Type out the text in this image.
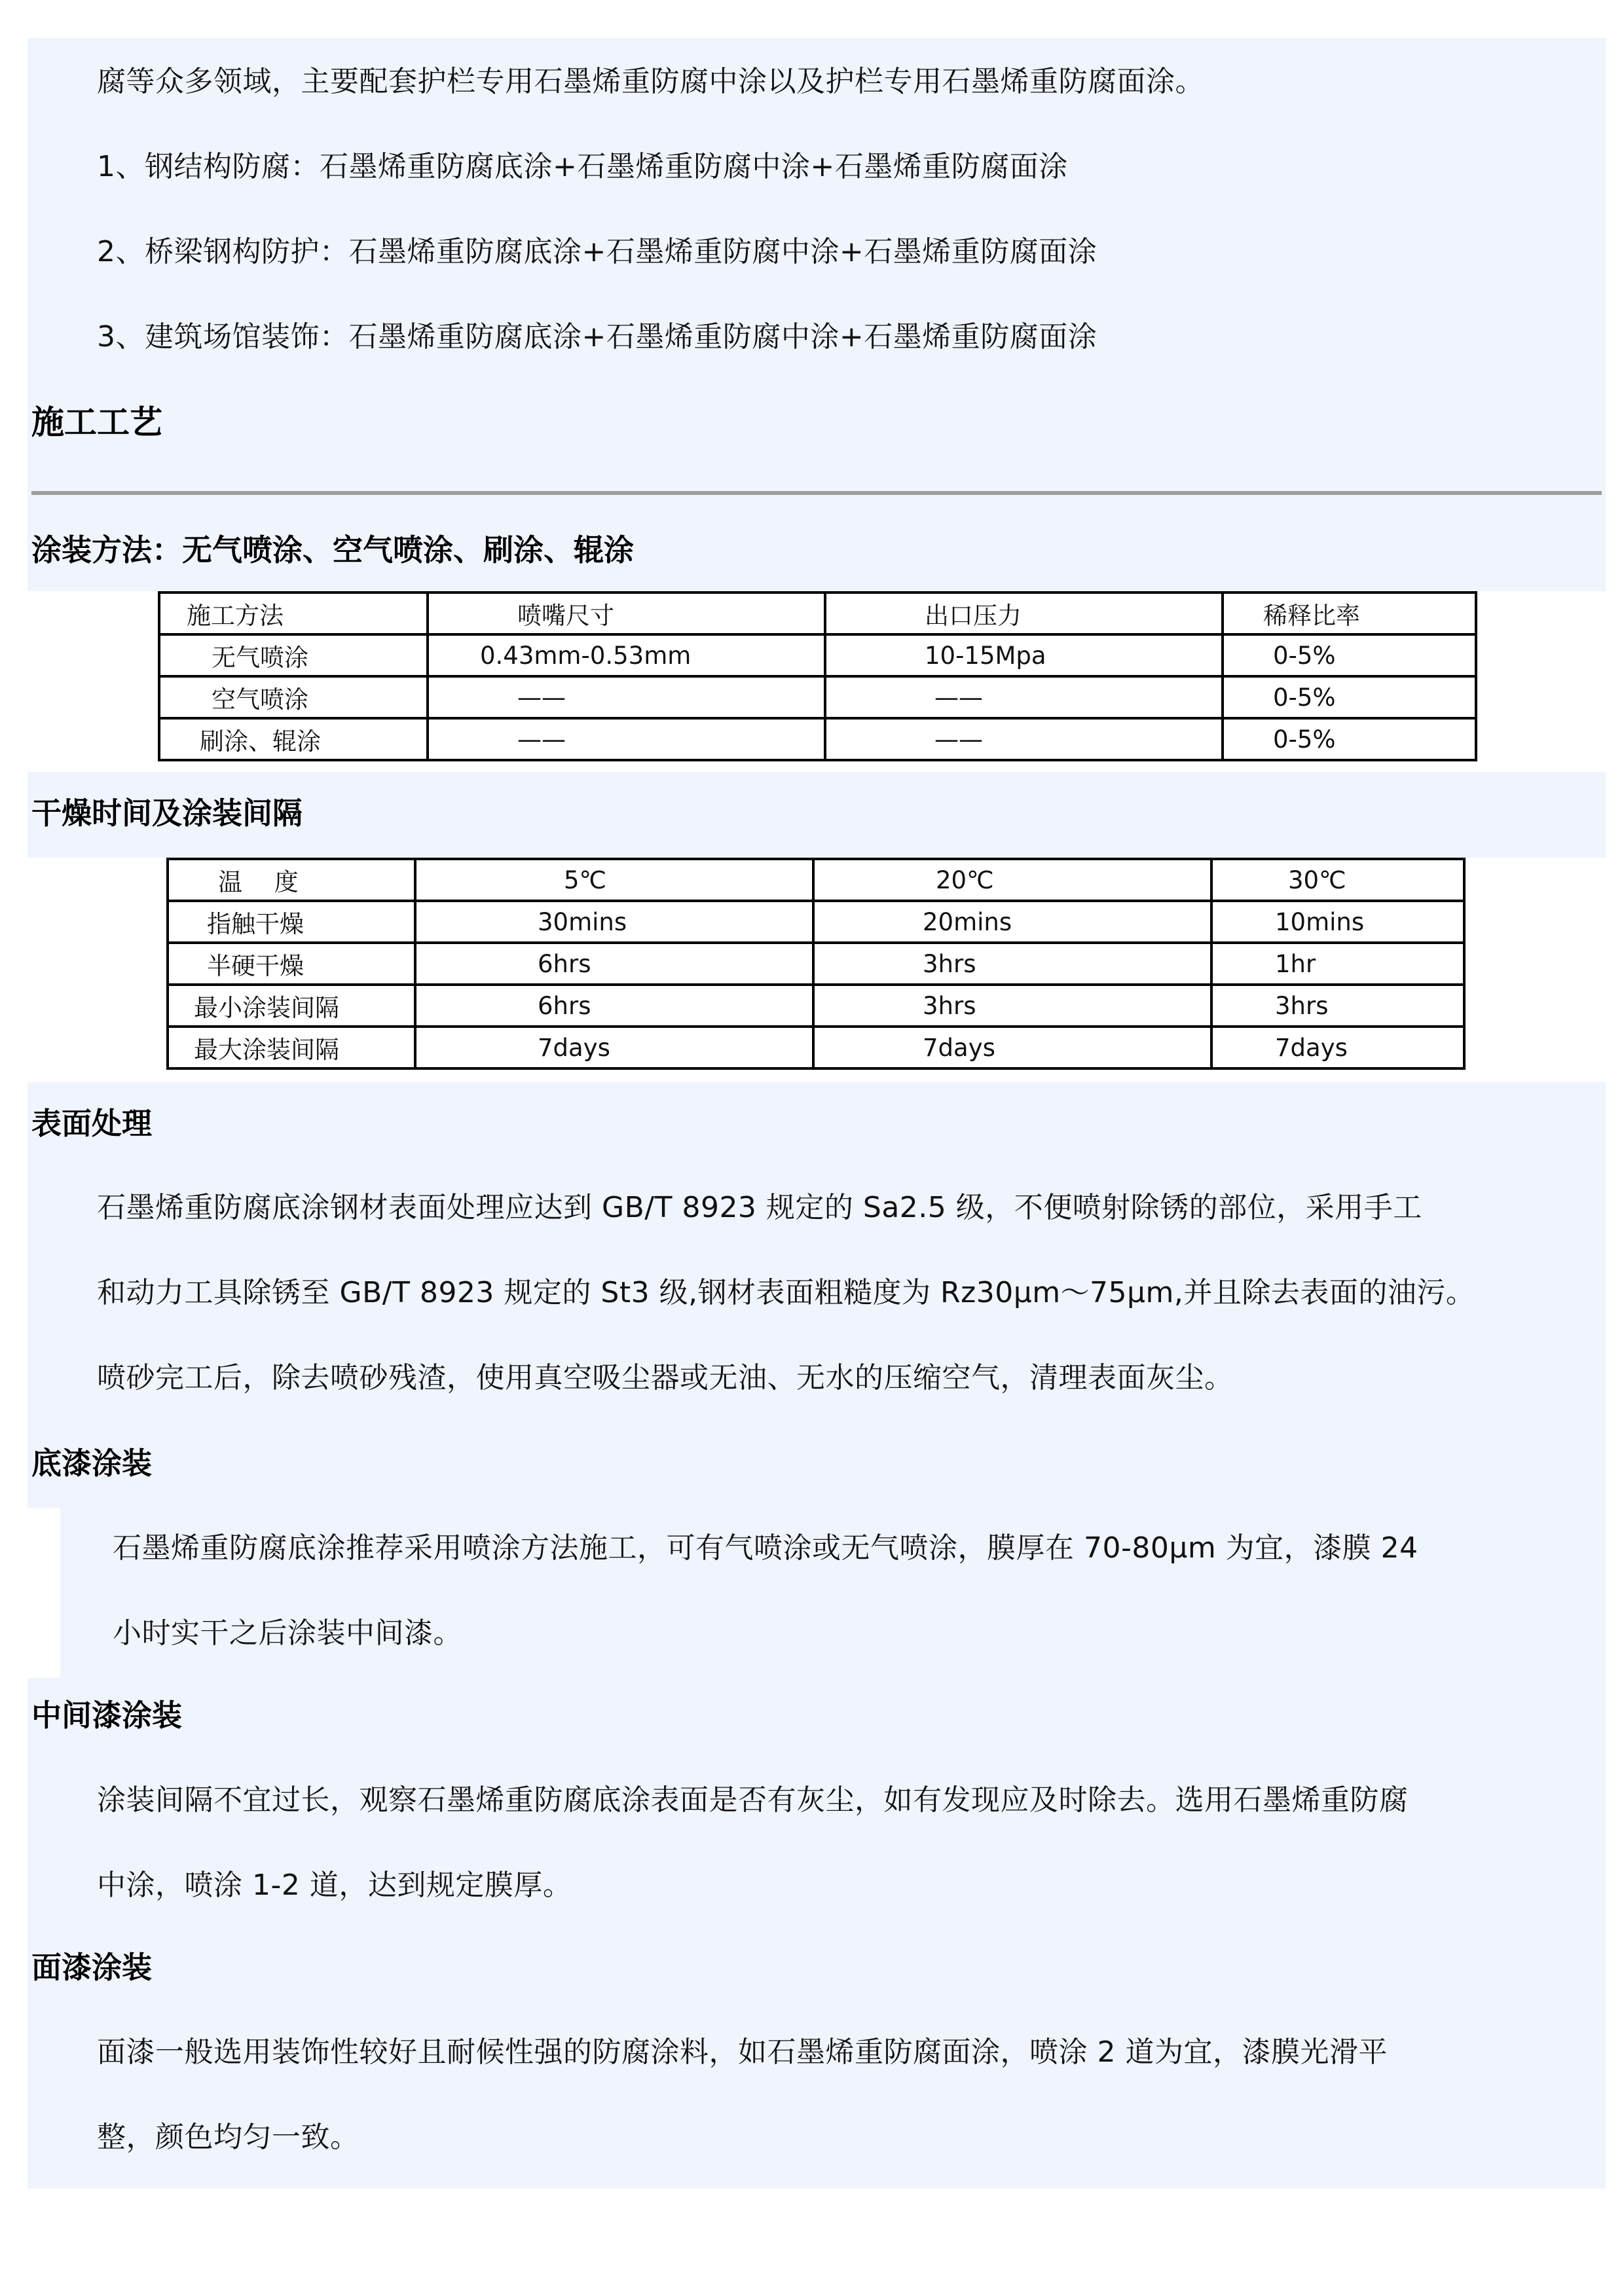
腐等众多领域，主要配套护栏专用石墨烯重防腐中涂以及护栏专用石墨烯重防腐面涂。
1、钢结构防腐：石墨烯重防腐底涂+石墨烯重防腐中涂+石墨烯重防腐面涂
2、桥梁钢构防护：石墨烯重防腐底涂+石墨烯重防腐中涂+石墨烯重防腐面涂
3、建筑场馆装饰：石墨烯重防腐底涂+石墨烯重防腐中涂+石墨烯重防腐面涂
施工工艺
涂装方法：无气喷涂、空气喷涂、刷涂、辊涂
施工方法	喷嘴尺寸	出口压力	稀释比率
无气喷涂	0.43mm-0.53mm	10-15Mpa	0-5%
空气喷涂	——	——	0-5%
刷涂、辊涂	——	——	0-5%
干燥时间及涂装间隔
温　 度	5℃	20℃	30℃
指触干燥	30mins	20mins	10mins
半硬干燥	6hrs	3hrs	1hr
最小涂装间隔	6hrs	3hrs	3hrs
最大涂装间隔	7days	7days	7days
表面处理
石墨烯重防腐底涂钢材表面处理应达到 GB/T 8923 规定的 Sa2.5 级，不便喷射除锈的部位，采用手工
和动力工具除锈至 GB/T 8923 规定的 St3 级,钢材表面粗糙度为 Rz30μm～75μm,并且除去表面的油污。
喷砂完工后，除去喷砂残渣，使用真空吸尘器或无油、无水的压缩空气，清理表面灰尘。
底漆涂装
石墨烯重防腐底涂推荐采用喷涂方法施工，可有气喷涂或无气喷涂，膜厚在 70-80μm 为宜，漆膜 24
小时实干之后涂装中间漆。
中间漆涂装
涂装间隔不宜过长，观察石墨烯重防腐底涂表面是否有灰尘，如有发现应及时除去。选用石墨烯重防腐
中涂，喷涂 1-2 道，达到规定膜厚。
面漆涂装
面漆一般选用装饰性较好且耐候性强的防腐涂料，如石墨烯重防腐面涂，喷涂 2 道为宜，漆膜光滑平
整，颜色均匀一致。
